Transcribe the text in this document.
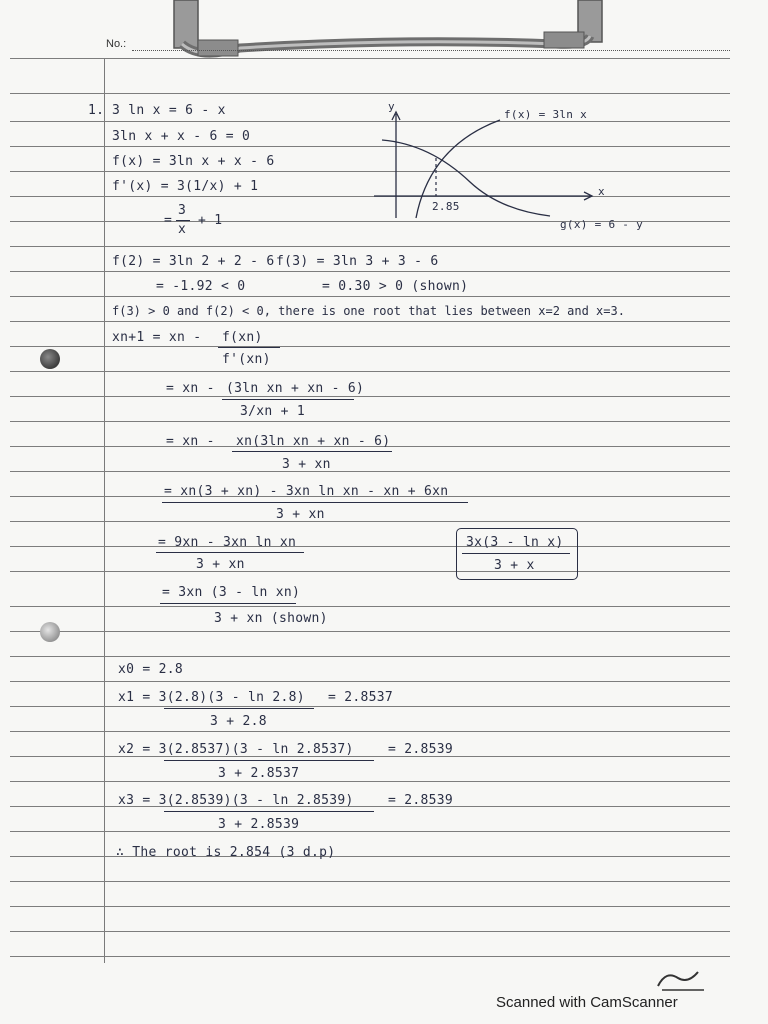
No.:
y
x
f(x) = 3ln x
g(x) = 6 - y
2.85
1. 3 ln x = 6 - x
3ln x + x - 6 = 0
f(x) = 3ln x + x - 6
f'(x) = 3(1/x) + 1
=
3
x
+ 1
f(2) = 3ln 2 + 2 - 6 f(3) = 3ln 3 + 3 - 6
= -1.92 < 0	= 0.30 > 0 (shown)
f(3) > 0 and f(2) < 0, there is one root that lies between x=2 and x=3.
xn+1 = xn - f(xn)
f'(xn)
= xn - (3ln xn + xn - 6)
3/xn + 1
= xn - xn(3ln xn + xn - 6)
3 + xn
= xn(3 + xn) - 3xn ln xn - xn + 6xn
3 + xn
= 9xn - 3xn ln xn
3 + xn
3x(3 - ln x)
3 + x
= 3xn (3 - ln xn)
3 + xn (shown)
x0 = 2.8
x1 = 3(2.8)(3 - ln 2.8)
3 + 2.8
= 2.8537
x2 = 3(2.8537)(3 - ln 2.8537)
3 + 2.8537
= 2.8539
x3 = 3(2.8539)(3 - ln 2.8539)
3 + 2.8539
= 2.8539
∴ The root is 2.854 (3 d.p)
Scanned with CamScanner
